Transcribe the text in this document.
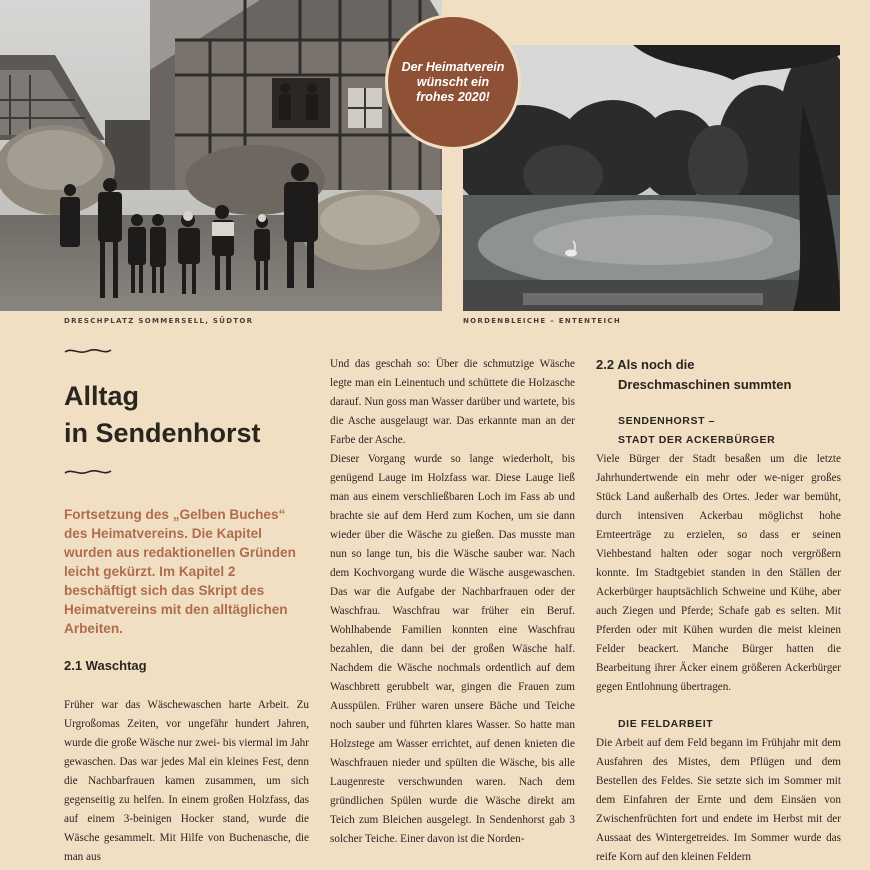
Der Heimatverein wünscht ein frohes 2020!
DRESCHPLATZ SOMMERSELL, SÜDTOR	NORDENBLEICHE – ENTENTEICH
Alltag
in Sendenhorst
Fortsetzung des „Gelben Buches“ des Heimatvereins. Die Kapitel wurden aus redaktionellen Gründen leicht gekürzt. Im Kapitel 2 beschäftigt sich das Skript des Heimatvereins mit den alltäglichen Arbeiten.
2.1 Waschtag
Früher war das Wäschewaschen harte Arbeit. Zu Urgroßomas Zeiten, vor ungefähr hundert Jahren, wurde die große Wäsche nur zwei- bis viermal im Jahr gewaschen. Das war jedes Mal ein kleines Fest, denn die Nachbarfrauen kamen zusammen, um sich gegenseitig zu helfen. In einem großen Holzfass, das auf einem 3-beinigen Hocker stand, wurde die Wäsche gesammelt. Mit Hilfe von Buchenasche, die man aus
Und das geschah so: Über die schmutzige Wäsche legte man ein Leinentuch und schüttete die Holzasche darauf. Nun goss man Wasser darüber und wartete, bis die Asche ausgelaugt war. Das erkannte man an der Farbe der Asche.
Dieser Vorgang wurde so lange wiederholt, bis genügend Lauge im Holzfass war. Diese Lauge ließ man aus einem verschließbaren Loch im Fass ab und brachte sie auf dem Herd zum Kochen, um sie dann wieder über die Wäsche zu gießen. Das musste man nun so lange tun, bis die Wäsche sauber war. Nach dem Kochvorgang wurde die Wäsche ausgewaschen. Das war die Aufgabe der Nachbarfrauen oder der Waschfrau. Waschfrau war früher ein Beruf. Wohlhabende Familien konnten eine Waschfrau bezahlen, die dann bei der großen Wäsche half. Nachdem die Wäsche nochmals ordentlich auf dem Waschbrett gerubbelt war, gingen die Frauen zum Ausspülen. Früher waren unsere Bäche und Teiche noch sauber und führten klares Wasser. So hatte man Holzstege am Wasser errichtet, auf denen knieten die Waschfrauen nieder und spülten die Wäsche, bis alle Laugenreste verschwunden waren. Nach dem gründlichen Spülen wurde die Wäsche direkt am Teich zum Bleichen ausgelegt. In Sendenhorst gab 3 solcher Teiche. Einer davon ist die Norden-
2.2 Als noch die
Dreschmaschinen summten
SENDENHORST –
STADT DER ACKERBÜRGER
Viele Bürger der Stadt besaßen um die letzte Jahrhundertwende ein mehr oder we-niger großes Stück Land außerhalb des Ortes. Jeder war bemüht, durch intensiven Ackerbau möglichst hohe Ernteerträge zu erzielen, so dass er seinen Viehbestand halten oder sogar noch vergrößern konnte. Im Stadtgebiet standen in den Ställen der Ackerbürger hauptsächlich Schweine und Kühe, aber auch Ziegen und Pferde; Schafe gab es selten. Mit Pferden oder mit Kühen wurden die meist kleinen Felder beackert. Manche Bürger hatten die Bearbeitung ihrer Äcker einem größeren Ackerbürger gegen Entlohnung übertragen.
DIE FELDARBEIT
Die Arbeit auf dem Feld begann im Frühjahr mit dem Ausfahren des Mistes, dem Pflügen und dem Bestellen des Feldes. Sie setzte sich im Sommer mit dem Einfahren der Ernte und dem Einsäen von Zwischenfrüchten fort und endete im Herbst mit der Aussaat des Wintergetreides. Im Sommer wurde das reife Korn auf den kleinen Feldern
